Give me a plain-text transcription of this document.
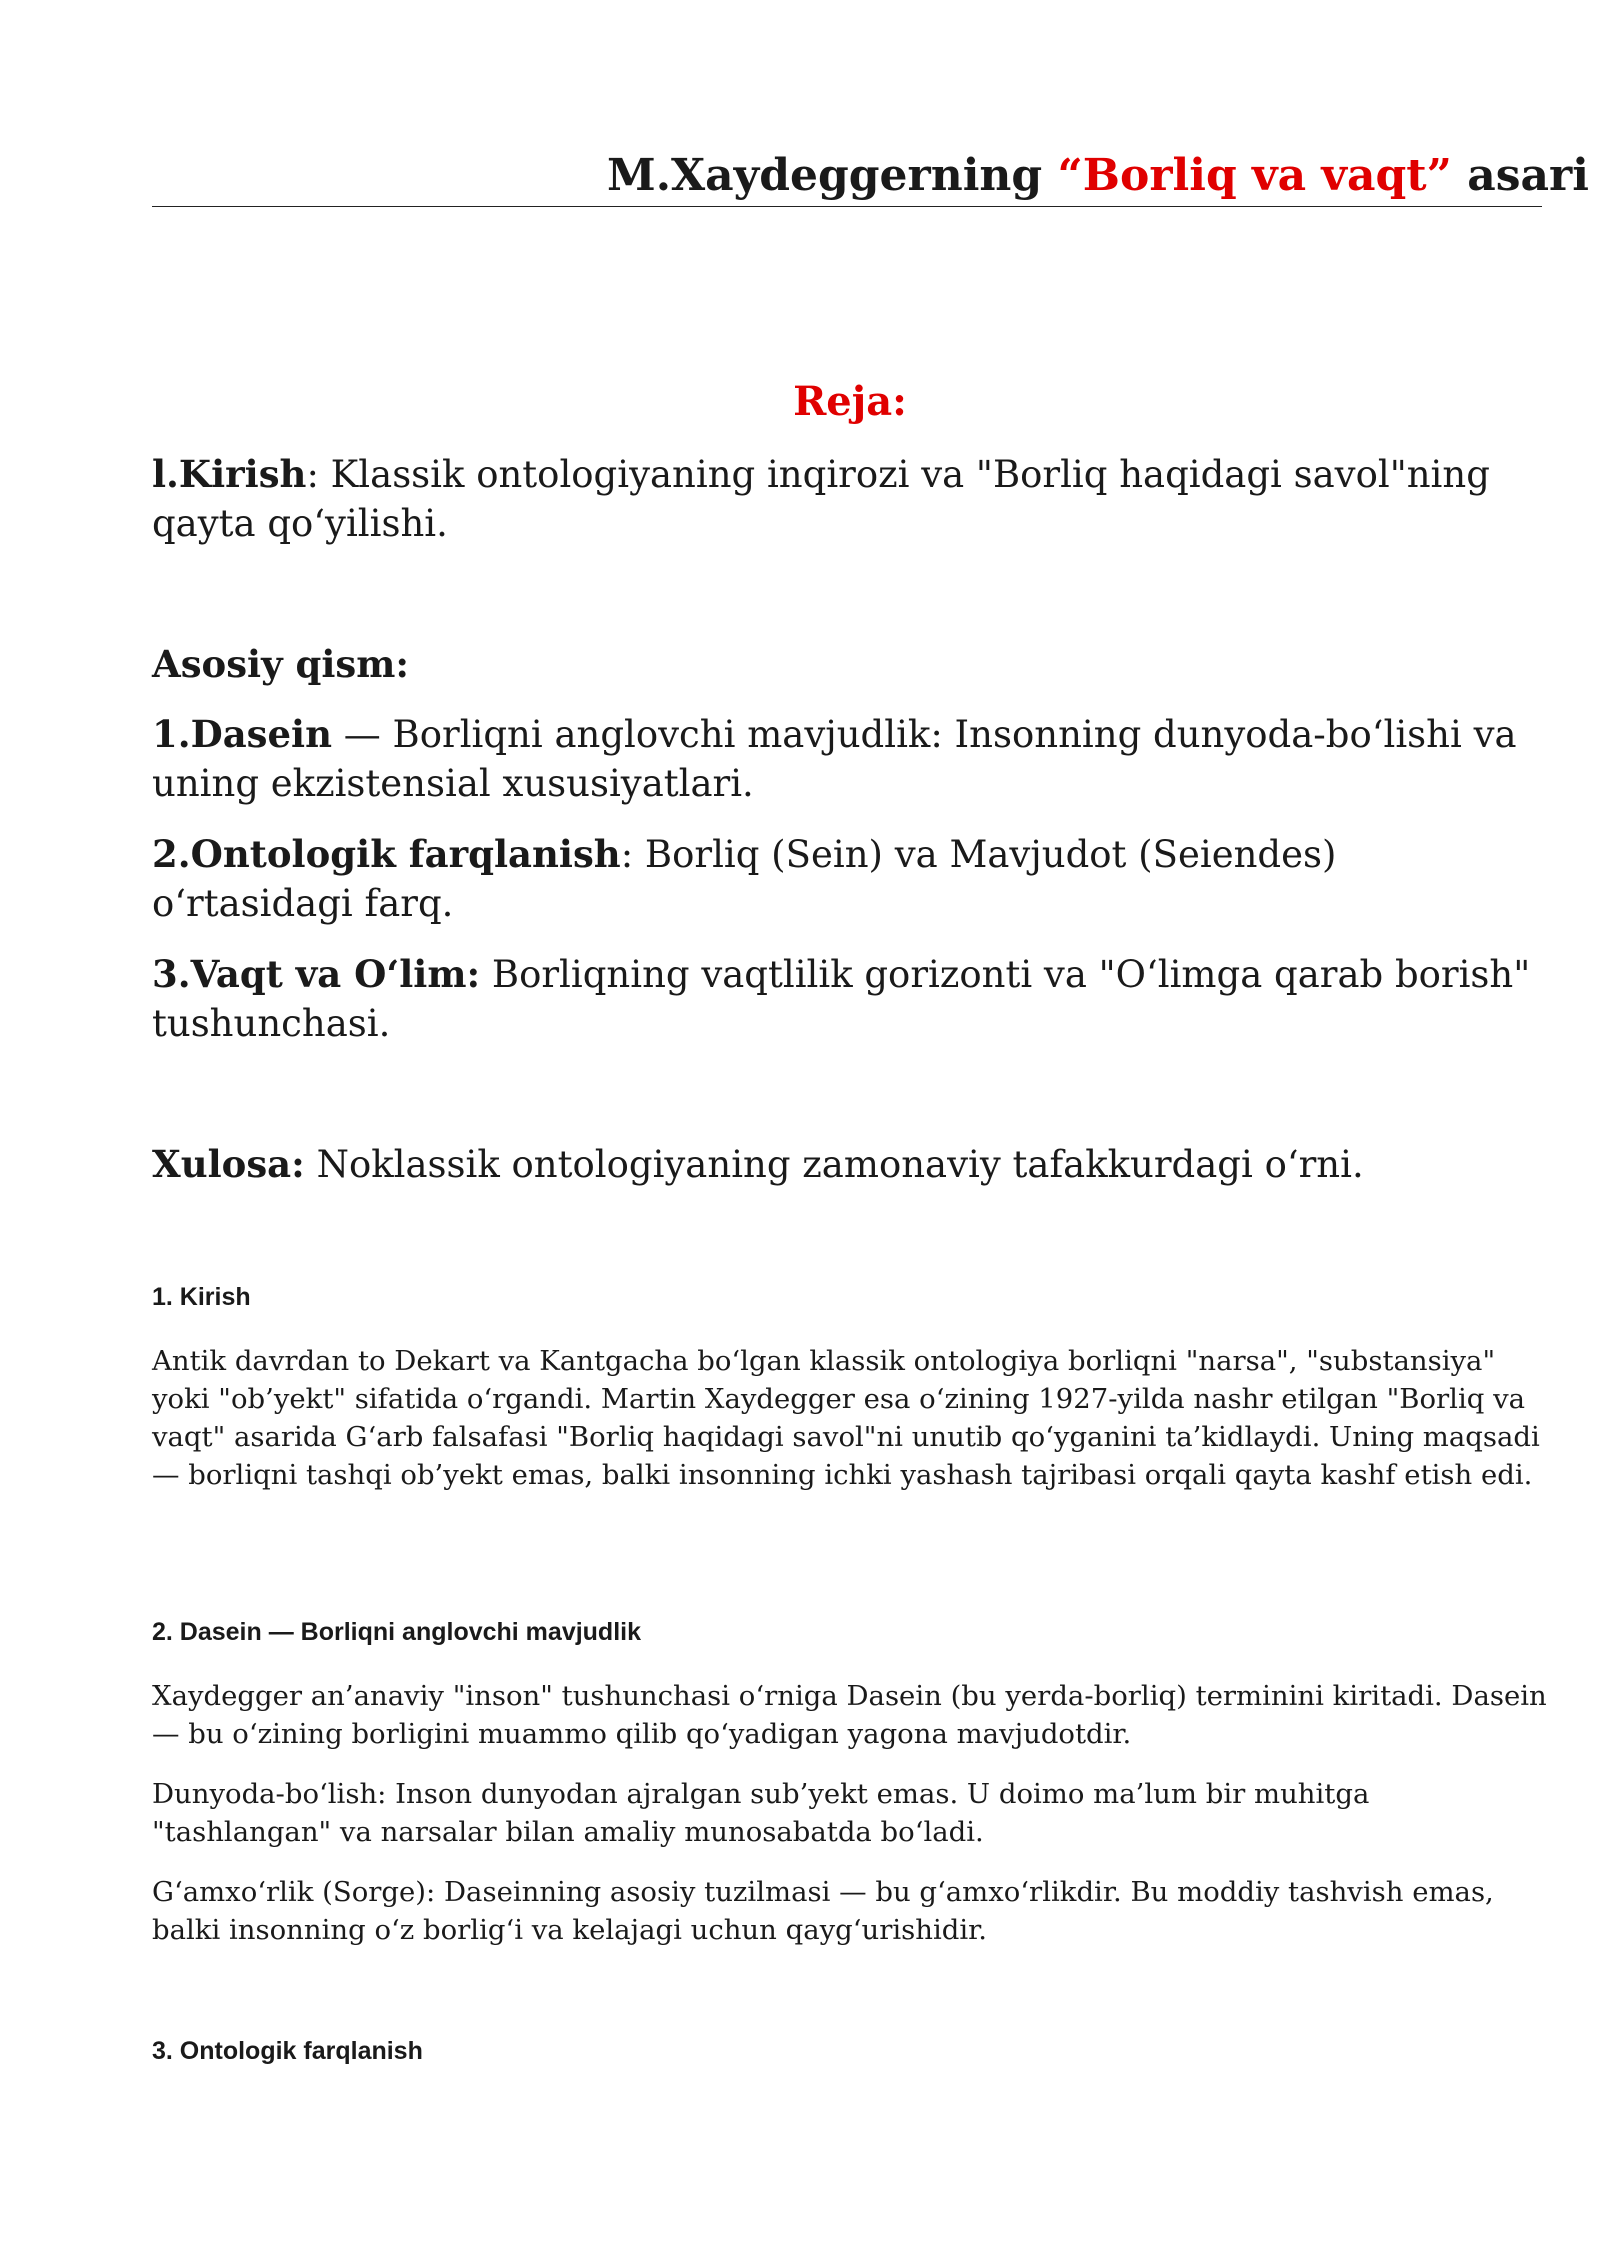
M.Xaydeggerning “Borliq va vaqt” asari
Reja:
l.Kirish: Klassik ontologiyaning inqirozi va "Borliq haqidagi savol"ning qayta qo‘yilishi.
Asosiy qism:
1.Dasein — Borliqni anglovchi mavjudlik: Insonning dunyoda-bo‘lishi va uning ekzistensial xususiyatlari.
2.Ontologik farqlanish: Borliq (Sein) va Mavjudot (Seiendes) o‘rtasidagi farq.
3.Vaqt va O‘lim: Borliqning vaqtlilik gorizonti va "O‘limga qarab borish" tushunchasi.
Xulosa: Noklassik ontologiyaning zamonaviy tafakkurdagi o‘rni.
1. Kirish
Antik davrdan to Dekart va Kantgacha bo‘lgan klassik ontologiya borliqni "narsa", "substansiya" yoki "ob’yekt" sifatida o‘rgandi. Martin Xaydegger esa o‘zining 1927-yilda nashr etilgan "Borliq va vaqt" asarida G‘arb falsafasi "Borliq haqidagi savol"ni unutib qo‘yganini ta’kidlaydi. Uning maqsadi — borliqni tashqi ob’yekt emas, balki insonning ichki yashash tajribasi orqali qayta kashf etish edi.
2. Dasein — Borliqni anglovchi mavjudlik
Xaydegger an’anaviy "inson" tushunchasi o‘rniga Dasein (bu yerda-borliq) terminini kiritadi. Dasein — bu o‘zining borligini muammo qilib qo‘yadigan yagona mavjudotdir.
Dunyoda-bo‘lish: Inson dunyodan ajralgan sub’yekt emas. U doimo ma’lum bir muhitga "tashlangan" va narsalar bilan amaliy munosabatda bo‘ladi.
G‘amxo‘rlik (Sorge): Daseinning asosiy tuzilmasi — bu g‘amxo‘rlikdir. Bu moddiy tashvish emas, balki insonning o‘z borlig‘i va kelajagi uchun qayg‘urishidir.
3. Ontologik farqlanish
